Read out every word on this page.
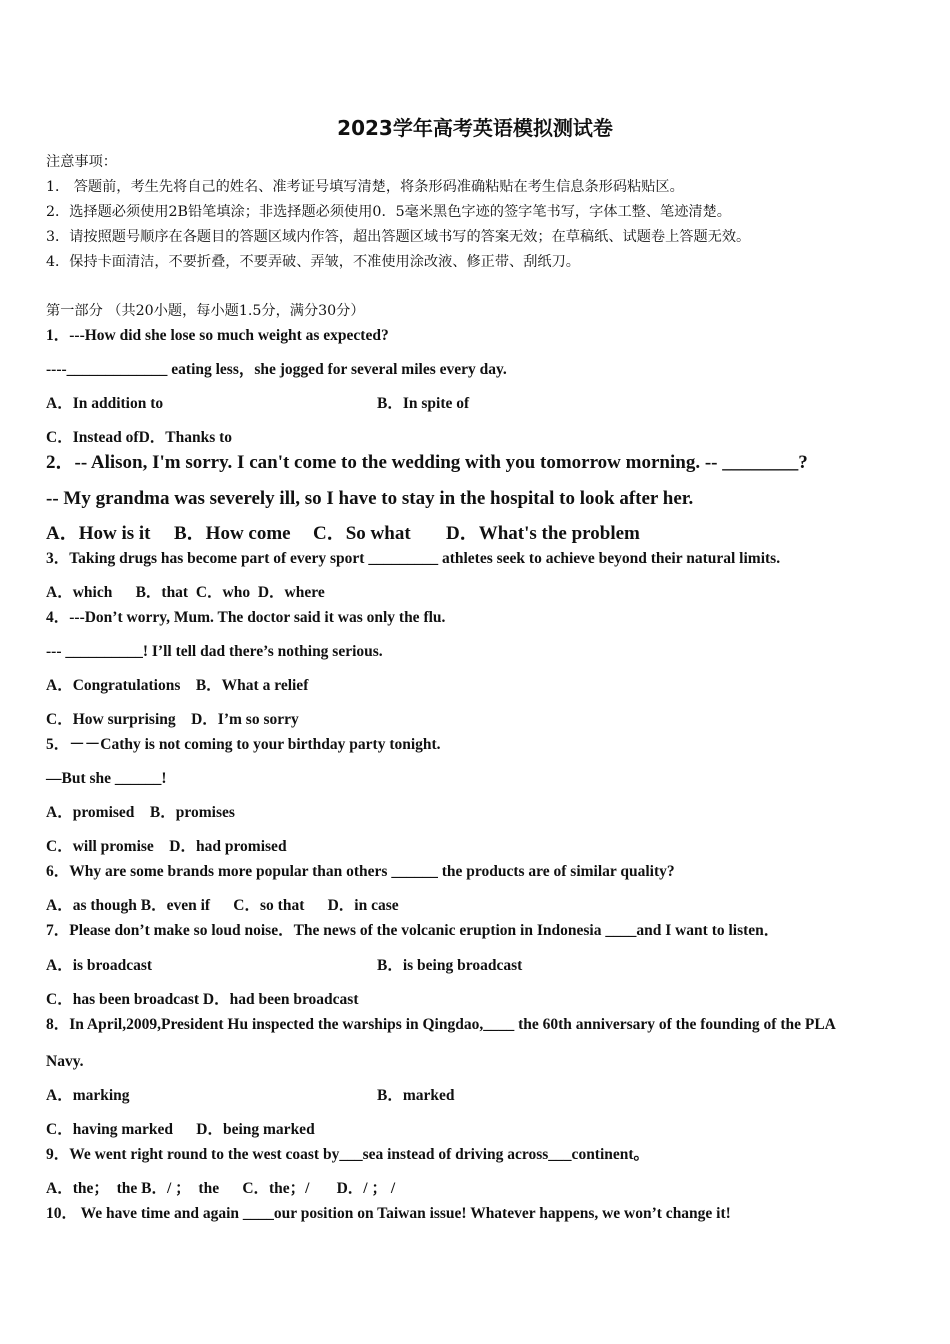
2023学年高考英语模拟测试卷
注意事项：
1． 答题前，考生先将自己的姓名、准考证号填写清楚，将条形码准确粘贴在考生信息条形码粘贴区。
2．选择题必须使用2B铅笔填涂；非选择题必须使用0．5毫米黑色字迹的签字笔书写，字体工整、笔迹清楚。
3．请按照题号顺序在各题目的答题区域内作答，超出答题区域书写的答案无效；在草稿纸、试题卷上答题无效。
4．保持卡面清洁，不要折叠，不要弄破、弄皱，不准使用涂改液、修正带、刮纸刀。
第一部分 （共20小题，每小题1.5分，满分30分）
1．---How did she lose so much weight as expected?
----_____________ eating less，she jogged for several miles every day.
A．In addition to	B．In spite of
C．Instead ofD．Thanks to
2．-- Alison, I'm sorry. I can't come to the wedding with you tomorrow morning. -- ________?
-- My grandma was severely ill, so I have to stay in the hospital to look after her.
A．How is it B．How come C．So what D．What's the problem
3．Taking drugs has become part of every sport _________ athletes seek to achieve beyond their natural limits.
A．which      B．that  C．who  D．where
4．---Don’t worry, Mum. The doctor said it was only the flu.
--- __________! I’ll tell dad there’s nothing serious.
A．Congratulations    B．What a relief
C．How surprising    D．I’m so sorry
5．－－Cathy is not coming to your birthday party tonight.
—But she ______!
A．promised    B．promises
C．will promise    D．had promised
6．Why are some brands more popular than others ______ the products are of similar quality?
A．as though B．even if      C．so that      D．in case
7．Please don’t make so loud noise．The news of the volcanic eruption in Indonesia ____and I want to listen．
A．is broadcast	B．is being broadcast
C．has been broadcast D．had been broadcast
8．In April,2009,President Hu inspected the warships in Qingdao,____ the 60th anniversary of the founding of the PLA
Navy.
A．marking	B．marked
C．having marked      D．being marked
9．We went right round to the west coast by___sea instead of driving across___continent。
A．the；  the B．/ ；  the      C．the；/       D．/ ； /
10． We have time and again ____our position on Taiwan issue! Whatever happens, we won’t change it!
